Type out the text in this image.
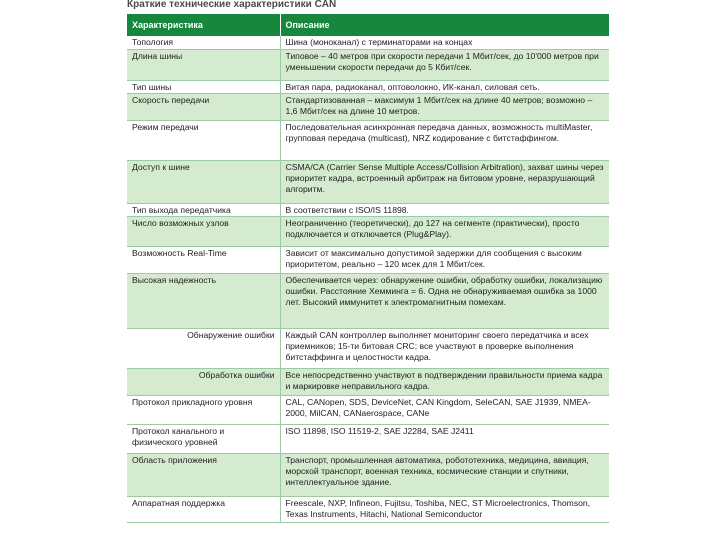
Краткие технические характеристики CAN
Характеристика	Описание
Топология	Шина (моноканал) с терминаторами на концах
Длина шины	Типовое – 40 метров при скорости передачи 1 Мбит/сек, до 10'000 метров при уменьшении скорости передачи до 5 Кбит/сек.
Тип шины	Витая пара, радиоканал, оптоволокно, ИК-канал, силовая сеть.
Скорость передачи	Стандартизованная – максимум 1 Мбит/сек на длине 40 метров; возможно – 1,6 Мбит/сек на длине 10 метров.
Режим передачи	Последовательная асинхронная передача данных, возможность multiMaster, групповая передача (multicast), NRZ кодирование с битстаффингом.
Доступ к шине	CSMA/CA (Carrier Sense Multiple Access/Collision Arbitration), захват шины через приоритет кадра, встроенный арбитраж на битовом уровне, неразрушающий алгоритм.
Тип выхода передатчика	В соответствии с ISO/IS 11898.
Число возможных узлов	Неограниченно (теоретически), до 127 на сегменте (практически), просто подключается и отключается (Plug&Play).
Возможность Real-Time	Зависит от максимально допустимой задержки для сообщения с высоким приоритетом, реально – 120 мсек для 1 Мбит/сек.
Высокая надежность	Обеспечивается через: обнаружение ошибки, обработку ошибки, локализацию ошибки. Расстояние Хемминга = 6. Одна не обнаруживаемая ошибка за 1000 лет. Высокий иммунитет к электромагнитным помехам.
Обнаружение ошибки	Каждый CAN контроллер выполняет мониторинг своего передатчика и всех приемников; 15-ти битовая CRC; все участвуют в проверке выполнения битстаффинга и целостности кадра.
Обработка ошибки	Все непосредственно участвуют в подтверждении правильности приема кадра и маркировке неправильного кадра.
Протокол прикладного уровня	CAL, CANopen, SDS, DeviceNet, CAN Kingdom, SeleCAN, SAE J1939, NMEA-2000, MilCAN, CANaerospace, CANe
Протокол канального и физического уровней	ISO 11898, ISO 11519-2, SAE J2284, SAE J2411
Область приложения	Транспорт, промышленная автоматика, робототехника, медицина, авиация, морской транспорт, военная техника, космические станции и спутники, интеллектуальное здание.
Аппаратная поддержка	Freescale, NXP, Infineon, Fujitsu, Toshiba, NEC, ST Microelectronics, Thomson, Texas Instruments, Hitachi, National Semiconductor
